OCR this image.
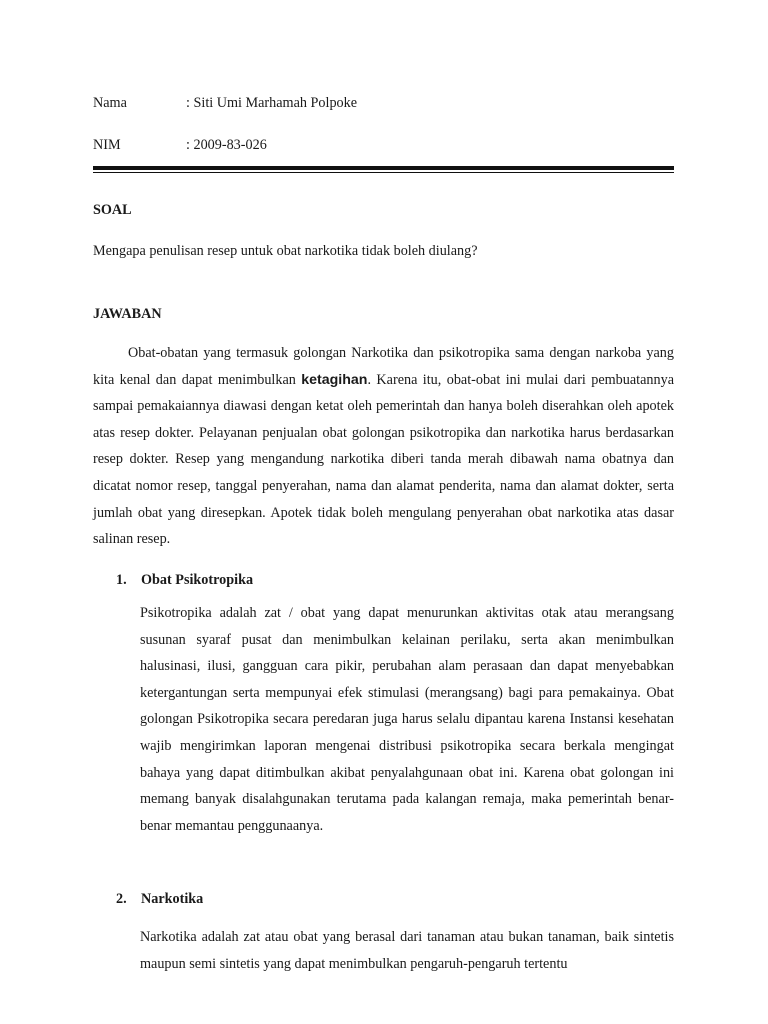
Nama	: Siti Umi Marhamah Polpoke
NIM	: 2009-83-026
SOAL
Mengapa penulisan resep untuk obat narkotika tidak boleh diulang?
JAWABAN

Obat-obatan yang termasuk golongan Narkotika dan psikotropika sama dengan narkoba yang kita kenal dan dapat menimbulkan ketagihan. Karena itu, obat-obat ini mulai dari pembuatannya sampai pemakaiannya diawasi dengan ketat oleh pemerintah dan hanya boleh diserahkan oleh apotek atas resep dokter. Pelayanan penjualan obat golongan psikotropika dan narkotika harus berdasarkan resep dokter. Resep yang mengandung narkotika diberi tanda merah dibawah nama obatnya dan dicatat nomor resep, tanggal penyerahan, nama dan alamat penderita, nama dan alamat dokter, serta jumlah obat yang diresepkan. Apotek tidak boleh mengulang penyerahan obat narkotika atas dasar salinan resep.

1. Obat Psikotropika

Psikotropika adalah zat / obat yang dapat menurunkan aktivitas otak atau merangsang susunan syaraf pusat dan menimbulkan kelainan perilaku, serta akan menimbulkan halusinasi, ilusi, gangguan cara pikir, perubahan alam perasaan dan dapat menyebabkan ketergantungan serta mempunyai efek stimulasi (merangsang) bagi para pemakainya. Obat golongan Psikotropika secara peredaran juga harus selalu dipantau karena Instansi kesehatan wajib mengirimkan laporan mengenai distribusi psikotropika secara berkala mengingat bahaya yang dapat ditimbulkan akibat penyalahgunaan obat ini. Karena obat golongan ini memang banyak disalahgunakan terutama pada kalangan remaja, maka pemerintah benar-benar memantau penggunaanya.

2. Narkotika

Narkotika adalah zat atau obat yang berasal dari tanaman atau bukan tanaman, baik sintetis maupun semi sintetis yang dapat menimbulkan pengaruh-pengaruh tertentu
